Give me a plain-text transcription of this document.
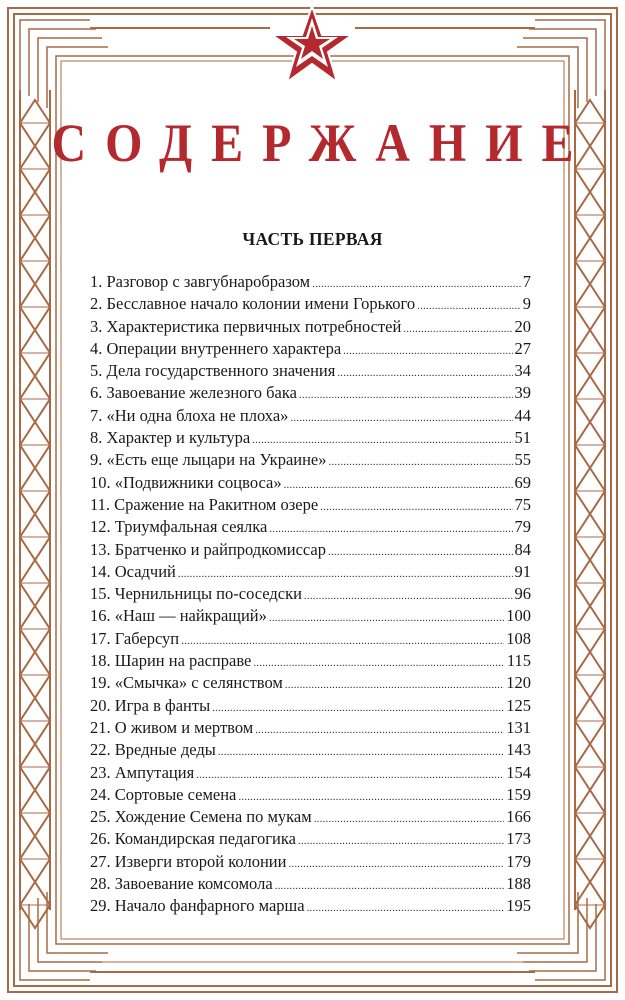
СОДЕРЖАНИЕ
ЧАСТЬ ПЕРВАЯ
1. Разговор с завгубнаробразом .....	7
2. Бесславное начало колонии имени Горького .....	9
3. Характеристика первичных потребностей .....	20
4. Операции внутреннего характера .....	27
5. Дела государственного значения .....	34
6. Завоевание железного бака .....	39
7. «Ни одна блоха не плоха» .....	44
8. Характер и культура .....	51
9. «Есть еще лыцари на Украине» .....	55
10. «Подвижники соцвоса» .....	69
11. Сражение на Ракитном озере .....	75
12. Триумфальная сеялка .....	79
13. Братченко и райпродкомиссар .....	84
14. Осадчий .....	91
15. Чернильницы по-соседски .....	96
16. «Наш — найкращий» .....	100
17. Габерсуп .....	108
18. Шарин на расправе .....	115
19. «Смычка» с селянством .....	120
20. Игра в фанты .....	125
21. О живом и мертвом .....	131
22. Вредные деды .....	143
23. Ампутация .....	154
24. Сортовые семена .....	159
25. Хождение Семена по мукам .....	166
26. Командирская педагогика .....	173
27. Изверги второй колонии .....	179
28. Завоевание комсомола .....	188
29. Начало фанфарного марша .....	195
